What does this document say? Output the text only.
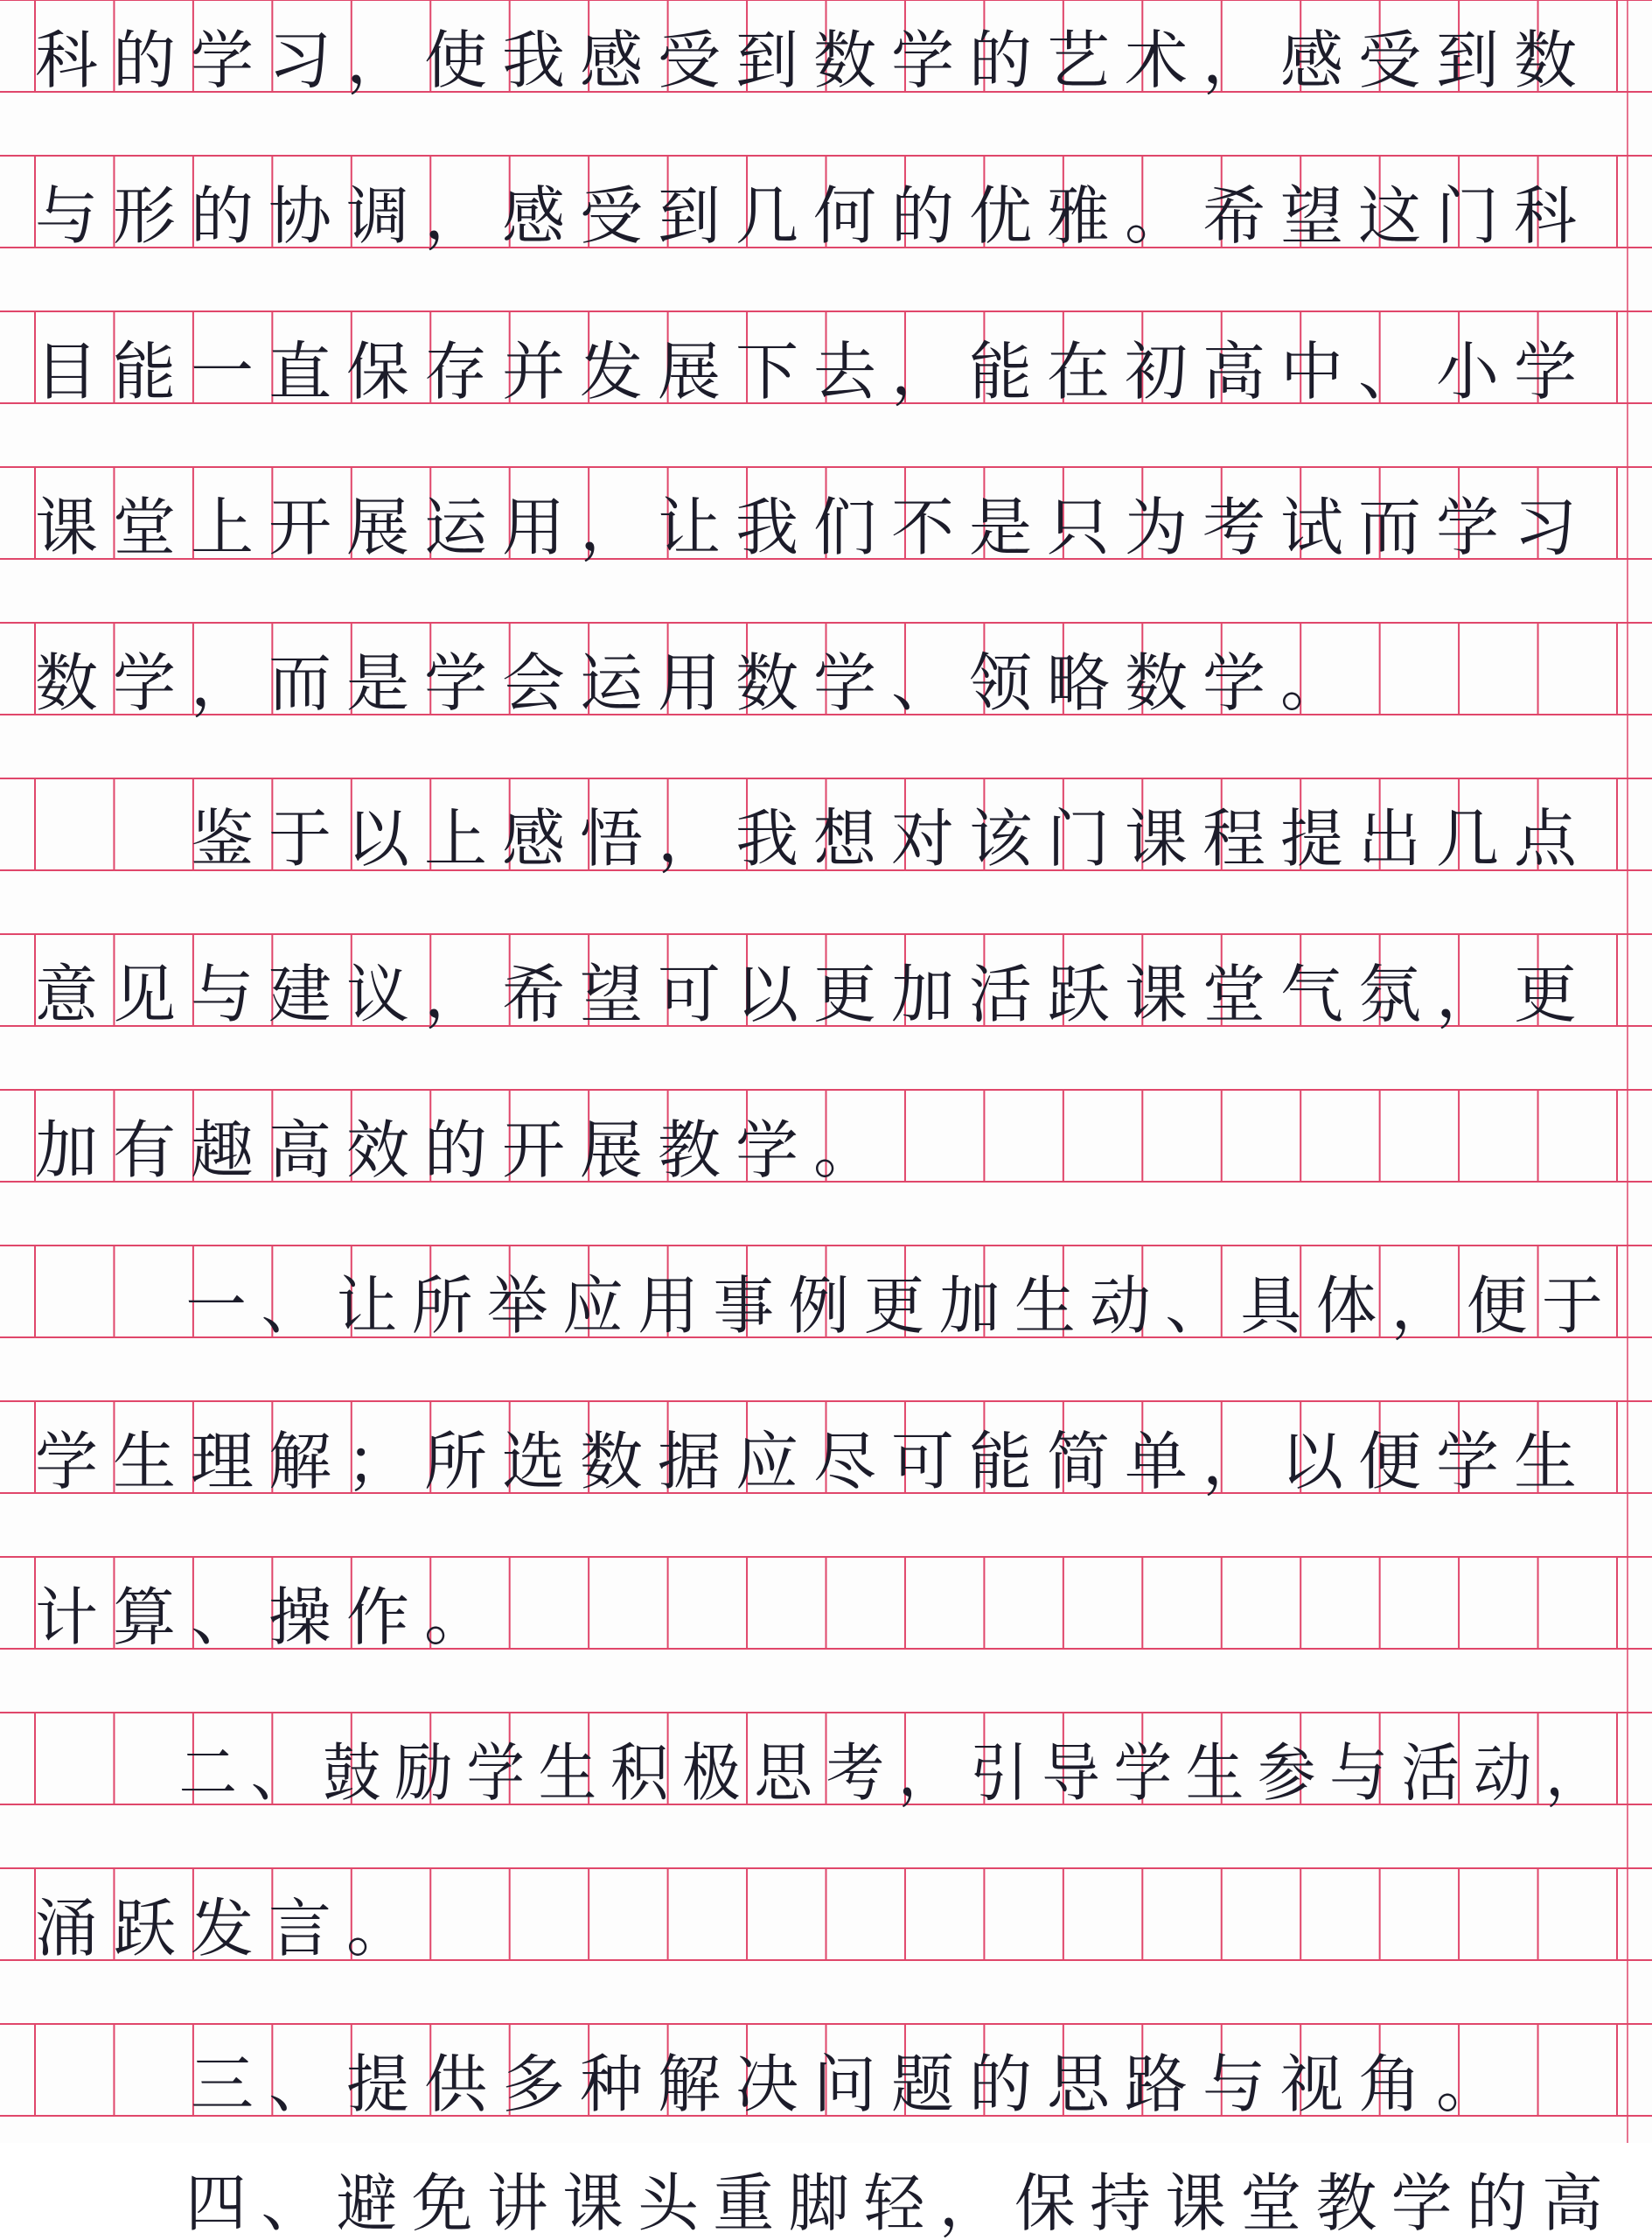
科的学习，使我感受到数学的艺术，感受到数
与形的协调，感受到几何的优雅。希望这门科
目能一直保存并发展下去，能在初高中、小学
课堂上开展运用，让我们不是只为考试而学习
数学，而是学会运用数学、领略数学。
　　鉴于以上感悟，我想对该门课程提出几点
意见与建议，希望可以更加活跃课堂气氛，更
加有趣高效的开展教学。
　　一、让所举应用事例更加生动、具体，便于
学生理解；所选数据应尽可能简单，以便学生
计算、操作。
　　二、鼓励学生积极思考，引导学生参与活动，
涌跃发言。
　　三、提供多种解决问题的思路与视角。
　　四、避免讲课头重脚轻，保持课堂教学的高
